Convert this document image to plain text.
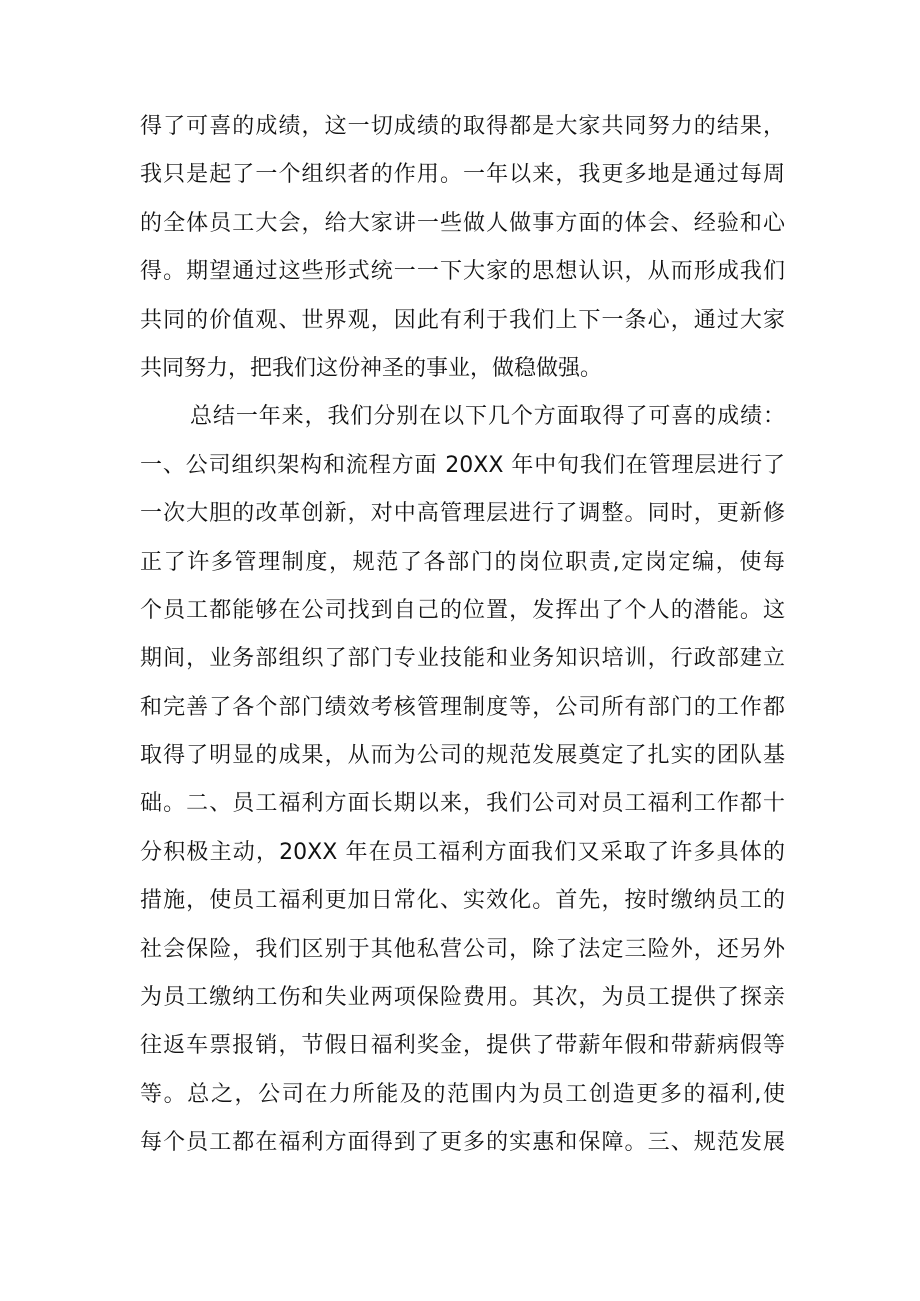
得了可喜的成绩，这一切成绩的取得都是大家共同努力的结果，
我只是起了一个组织者的作用。一年以来，我更多地是通过每周
的全体员工大会，给大家讲一些做人做事方面的体会、经验和心
得。期望通过这些形式统一一下大家的思想认识，从而形成我们
共同的价值观、世界观，因此有利于我们上下一条心，通过大家
共同努力，把我们这份神圣的事业，做稳做强。
总结一年来，我们分别在以下几个方面取得了可喜的成绩：
一、公司组织架构和流程方面 20XX 年中旬我们在管理层进行了
一次大胆的改革创新，对中高管理层进行了调整。同时，更新修
正了许多管理制度，规范了各部门的岗位职责,定岗定编，使每
个员工都能够在公司找到自己的位置，发挥出了个人的潜能。这
期间，业务部组织了部门专业技能和业务知识培训，行政部建立
和完善了各个部门绩效考核管理制度等，公司所有部门的工作都
取得了明显的成果，从而为公司的规范发展奠定了扎实的团队基
础。二、员工福利方面长期以来，我们公司对员工福利工作都十
分积极主动，20XX 年在员工福利方面我们又采取了许多具体的
措施，使员工福利更加日常化、实效化。首先，按时缴纳员工的
社会保险，我们区别于其他私营公司，除了法定三险外，还另外
为员工缴纳工伤和失业两项保险费用。其次，为员工提供了探亲
往返车票报销，节假日福利奖金，提供了带薪年假和带薪病假等
等。总之，公司在力所能及的范围内为员工创造更多的福利,使
每个员工都在福利方面得到了更多的实惠和保障。三、规范发展
